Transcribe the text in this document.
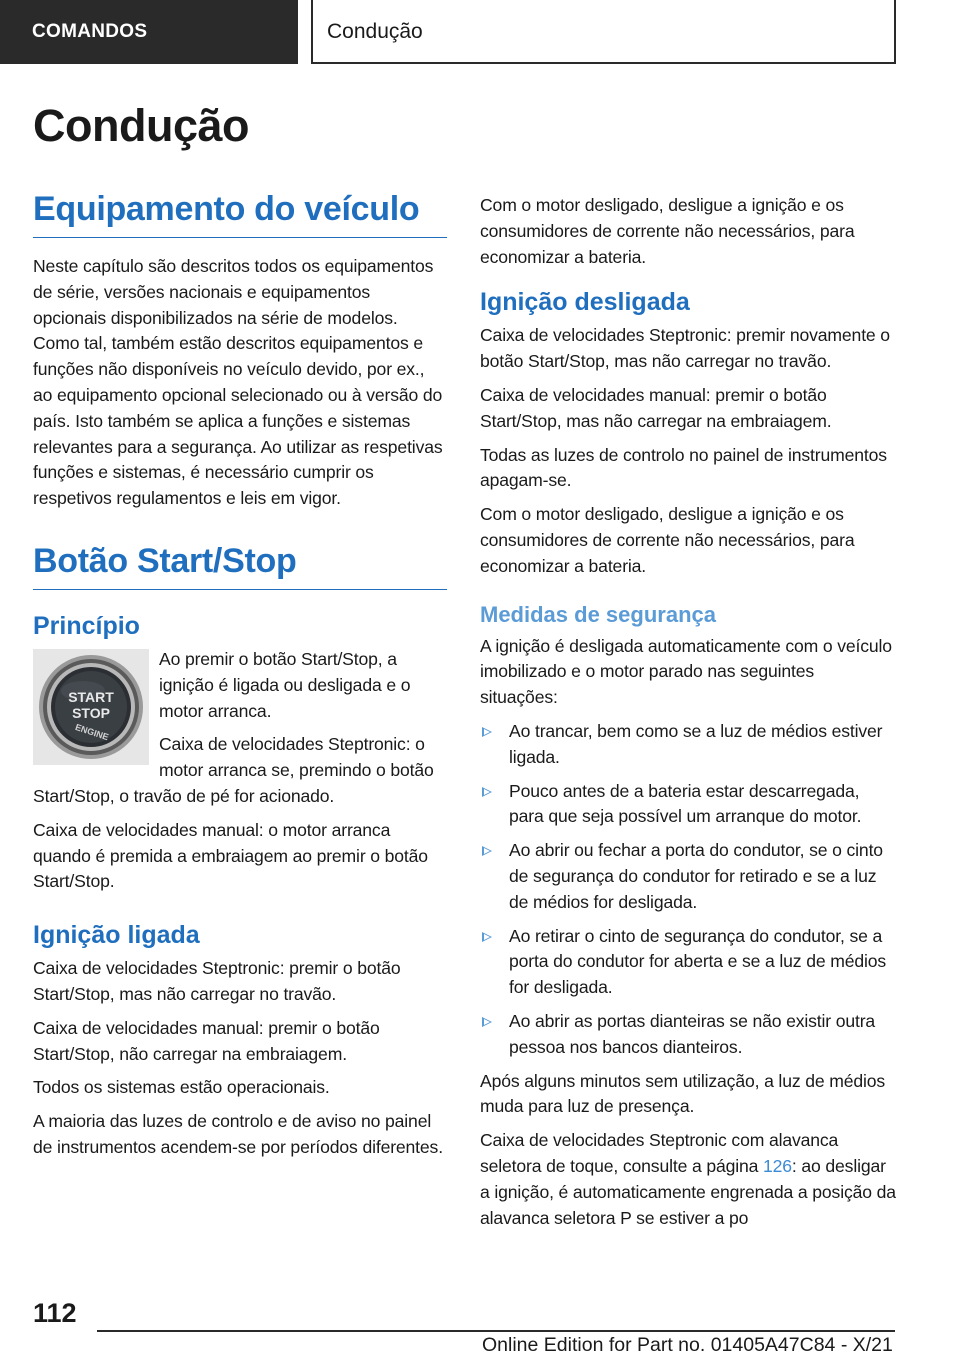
COMANDOS	Condução
Condução
Equipamento do veículo

Neste capítulo são descritos todos os equipamentos de série, versões nacionais e equipamentos opcionais disponibilizados na série de modelos. Como tal, também estão descritos equipamentos e funções não disponíveis no veículo devido, por ex., ao equipamento opcional selecionado ou à versão do país. Isto também se aplica a funções e sistemas relevantes para a segurança. Ao utilizar as respetivas funções e sistemas, é necessário cumprir os respetivos regulamentos e leis em vigor.

Botão Start/Stop
Princípio
START
STOP
ENGINE

Ao premir o botão Start/Stop, a ignição é ligada ou desligada e o motor arranca.

Caixa de velocidades Steptronic: o motor arranca se, premindo o botão Start/Stop, o travão de pé for acionado.

Caixa de velocidades manual: o motor arranca quando é premida a embraiagem ao premir o botão Start/Stop.

Ignição ligada

Caixa de velocidades Steptronic: premir o botão Start/Stop, mas não carregar no travão.

Caixa de velocidades manual: premir o botão Start/Stop, não carregar na embraiagem.

Todos os sistemas estão operacionais.

A maioria das luzes de controlo e de aviso no painel de instrumentos acendem-se por períodos diferentes.

Com o motor desligado, desligue a ignição e os consumidores de corrente não necessários, para economizar a bateria.

Ignição desligada

Caixa de velocidades Steptronic: premir novamente o botão Start/Stop, mas não carregar no travão.

Caixa de velocidades manual: premir o botão Start/Stop, mas não carregar na embraiagem.

Todas as luzes de controlo no painel de instrumentos apagam-se.

Com o motor desligado, desligue a ignição e os consumidores de corrente não necessários, para economizar a bateria.

Medidas de segurança

A ignição é desligada automaticamente com o veículo imobilizado e o motor parado nas seguintes situações:

Ao trancar, bem como se a luz de médios estiver ligada.
Pouco antes de a bateria estar descarregada, para que seja possível um arranque do motor.
Ao abrir ou fechar a porta do condutor, se o cinto de segurança do condutor for retirado e se a luz de médios for desligada.
Ao retirar o cinto de segurança do condutor, se a porta do condutor for aberta e se a luz de médios for desligada.
Ao abrir as portas dianteiras se não existir outra pessoa nos bancos dianteiros.

Após alguns minutos sem utilização, a luz de médios muda para luz de presença.

Caixa de velocidades Steptronic com alavanca seletora de toque, consulte a página 126: ao desligar a ignição, é automaticamente engrenada a posição da alavanca seletora P se estiver a po

112
Online Edition for Part no. 01405A47C84 - X/21
